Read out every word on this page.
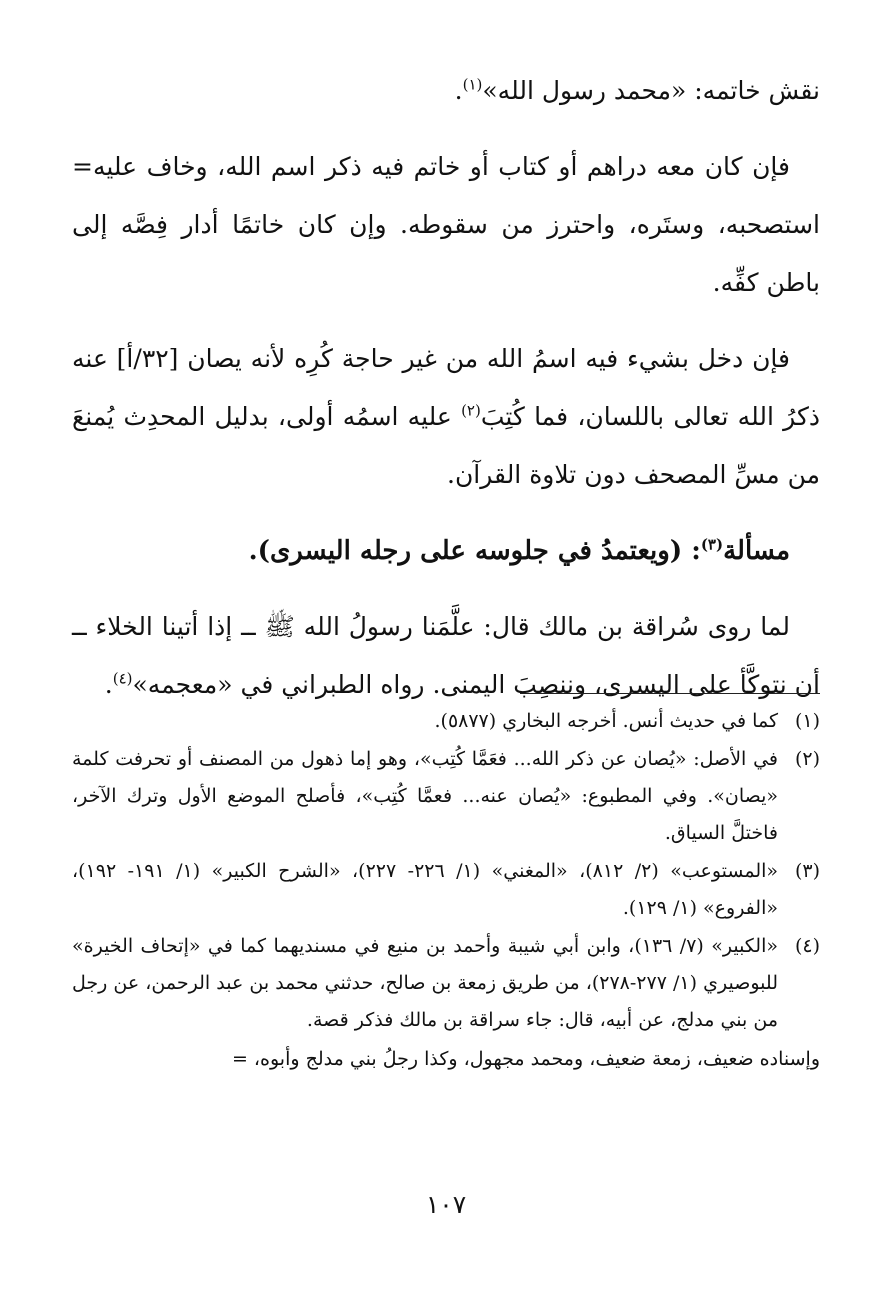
نقش خاتمه: «محمد رسول الله»$^{(١)}$.

فإن كان معه دراهم أو كتاب أو خاتم فيه ذكر اسم الله، وخاف عليه= استصحبه، وستَره، واحترز من سقوطه. وإن كان خاتمًا أدار فِصَّه إلى باطن كفِّه.

فإن دخل بشيء فيه اسمُ الله من غير حاجة كُرِه لأنه يصان [٣٢/أ] عنه ذكرُ الله تعالى باللسان، فما كُتِبَ$^{(٢)}$ عليه اسمُه أولى، بدليل المحدِث يُمنعَ من مسِّ المصحف دون تلاوة القرآن.

مسألة$^{(٣)}$: (ويعتمدُ في جلوسه على رجله اليسرى).

لما روى سُراقة بن مالك قال: علَّمَنا رسولُ الله ﷺ ــ إذا أتينا الخلاء ــ أن نتوكَّأ على اليسرى، وننصِبَ اليمنى. رواه الطبراني في «معجمه»$^{(٤)}$.

(١)
كما في حديث أنس. أخرجه البخاري (٥٨٧٧).
(٢)
في الأصل: «يُصان عن ذكر الله... فعَمَّا كُتِب»، وهو إما ذهول من المصنف أو تحرفت كلمة «يصان». وفي المطبوع: «يُصان عنه... فعمَّا كُتِب»، فأصلح الموضع الأول وترك الآخر، فاختلَّ السياق.
(٣)
«المستوعب» (٢/ ٨١٢)، «المغني» (١/ ٢٢٦- ٢٢٧)، «الشرح الكبير» (١/ ١٩١- ١٩٢)، «الفروع» (١/ ١٢٩).
(٤)
«الكبير» (٧/ ١٣٦)، وابن أبي شيبة وأحمد بن منيع في مسنديهما كما في «إتحاف الخيرة» للبوصيري (١/ ٢٧٧-٢٧٨)، من طريق زمعة بن صالح، حدثني محمد بن عبد الرحمن، عن رجل من بني مدلج، عن أبيه، قال: جاء سراقة بن مالك فذكر قصة.

وإسناده ضعيف، زمعة ضعيف، ومحمد مجهول، وكذا رجلُ بني مدلج وأبوه، =

١٠٧
